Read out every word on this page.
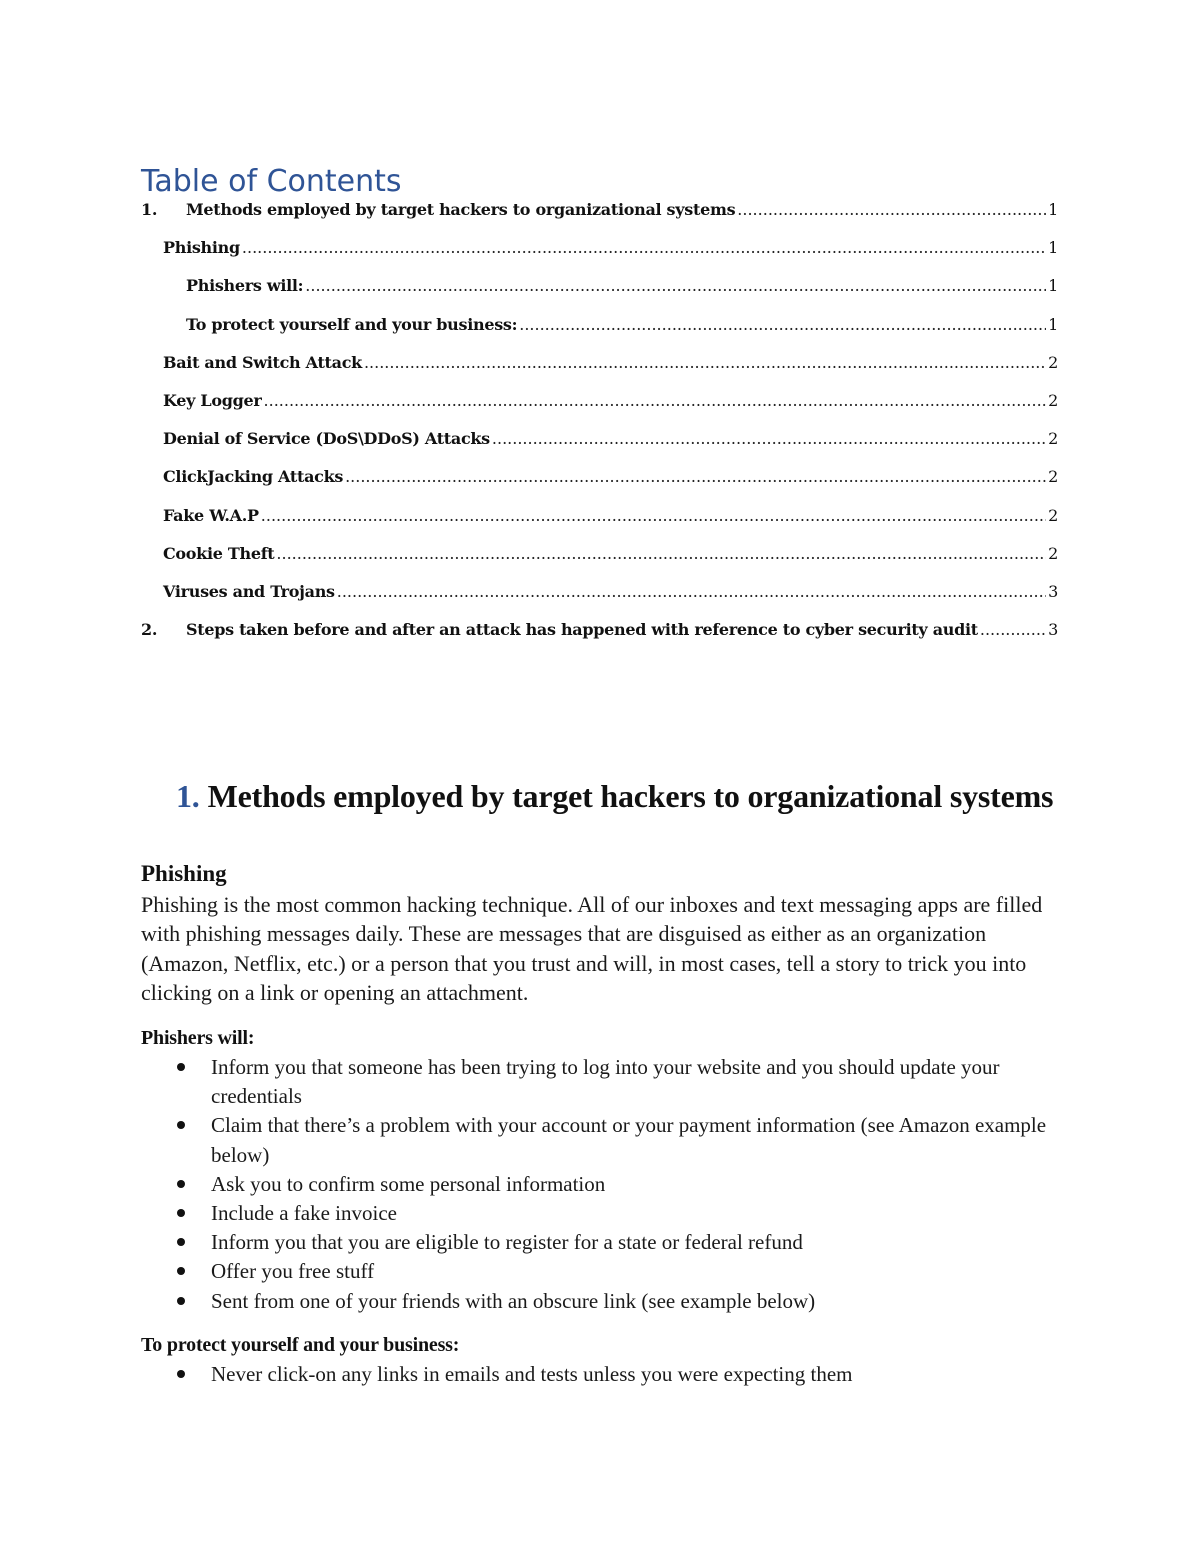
Table of Contents
1.	Methods employed by target hackers to organizational systems .....	1
Phishing .....	1
Phishers will: .....	1
To protect yourself and your business: .....	1
Bait and Switch Attack .....	2
Key Logger .....	2
Denial of Service (DoS\DDoS) Attacks .....	2
ClickJacking Attacks .....	2
Fake W.A.P .....	2
Cookie Theft .....	2
Viruses and Trojans .....	3
2.	Steps taken before and after an attack has happened with reference to cyber security audit .....	3
1. Methods employed by target hackers to organizational systems
Phishing

Phishing is the most common hacking technique. All of our inboxes and text messaging apps are filled with phishing messages daily. These are messages that are disguised as either as an organization (Amazon, Netflix, etc.) or a person that you trust and will, in most cases, tell a story to trick you into clicking on a link or opening an attachment.

Phishers will:
Inform you that someone has been trying to log into your website and you should update your credentials
Claim that there’s a problem with your account or your payment information (see Amazon example below)
Ask you to confirm some personal information
Include a fake invoice
Inform you that you are eligible to register for a state or federal refund
Offer you free stuff
Sent from one of your friends with an obscure link (see example below)
To protect yourself and your business:
Never click-on any links in emails and tests unless you were expecting them
